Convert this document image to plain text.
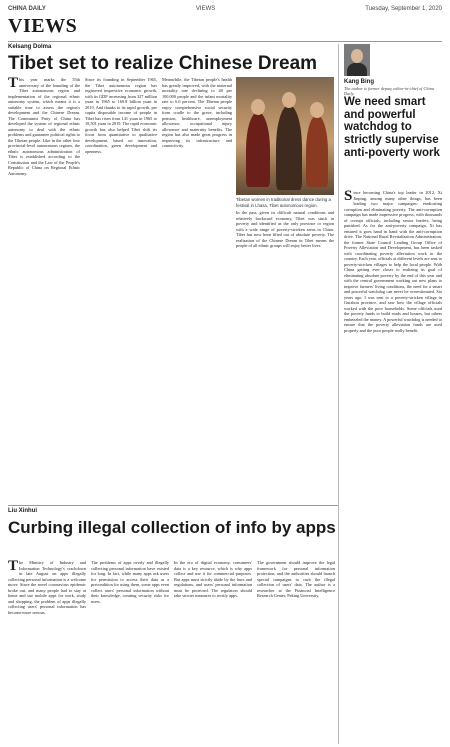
CHINA DAILY	VIEWS	Tuesday, September 1, 2020
VIEWS
Kelsang Dolma
Tibet set to realize Chinese Dream
This year marks the 55th anniversary of the founding of the Tibet autonomous region and implementation of the regional ethnic autonomy system, which means it is a suitable time to assess the region's development and the Chinese Dream. The Communist Party of China has developed the system of regional ethnic autonomy to deal with the ethnic problems and guarantee political rights to the Tibetan people. Like in the other four provincial-level autonomous regions, the ethnic autonomous administration of Tibet is established according to the Constitution and the Law of the People's Republic of China on Regional Ethnic Autonomy.
Since its founding in September 1965, the Tibet autonomous region has registered impressive economic growth, with its GDP increasing from 327 million yuan in 1965 to 169.8 billion yuan in 2019. And thanks to its rapid growth, per capita disposable income of people in Tibet has risen from 141 yuan in 1965 to 19,501 yuan in 2019. The rapid economic growth has also helped Tibet shift its focus from quantitative to qualitative development, based on innovation, coordination, green development and openness.
Meanwhile, the Tibetan people's health has greatly improved, with the maternal mortality rate declining to 48 per 100,000 people and the infant mortality rate to 6.6 percent. The Tibetan people enjoy comprehensive social security from cradle to the grave, including pension, healthcare, unemployment allowance, occupational injury allowance and maternity benefits. The region has also made great progress in improving its infrastructure and connectivity.
Tibetan women in traditional dress dance during a festival in Lhasa, Tibet autonomous region.
In the past, given its difficult natural conditions and relatively backward economy, Tibet was stuck in poverty and identified as the only province or region with a wide range of poverty-stricken areas in China. Tibet has now been lifted out of absolute poverty. The realization of the Chinese Dream in Tibet means the people of all ethnic groups will enjoy better lives.
Liu Xinhui
Curbing illegal collection of info by apps
The Ministry of Industry and Information Technology's crackdown in late August on apps illegally collecting personal information is a welcome move. Since the novel coronavirus epidemic broke out, and many people had to stay at home and use mobile apps for work, study and shopping, the problem of apps illegally collecting users' personal information has become more serious.
The problems of apps overly and illegally collecting personal information have existed for long. In fact, while many apps ask users for permission to access their data as a precondition for using them, some apps even collect users' personal information without their knowledge, creating security risks for users.
In the era of digital economy, consumers' data is a key resource, which is why apps collect and use it for commercial purposes. But apps must strictly abide by the laws and regulations, and users' personal information must be protected. The regulators should take stricter measures to rectify apps.
The government should improve the legal framework for personal information protection, and the authorities should launch special campaigns to curb the illegal collection of users' data. The author is a researcher at the Financial Intelligence Research Center, Peking University.
Kang Bing
The author is former deputy editor-in-chief of China Daily.
We need smart and powerful watchdog to strictly supervise anti-poverty work
Since becoming China's top leader in 2012, Xi Jinping, among many other things, has been leading two major campaigns: eradicating corruption and eliminating poverty. The anti-corruption campaign has made impressive progress, with thousands of corrupt officials, including senior leaders, being punished. As for the anti-poverty campaign, Xi has ensured it goes hand in hand with the anti-corruption drive. The National Rural Revitalization Administration, the former State Council Leading Group Office of Poverty Alleviation and Development, has been tasked with coordinating poverty alleviation work in the country. Each year, officials at different levels are sent to poverty-stricken villages to help the local people. With China getting ever closer to realizing its goal of eliminating absolute poverty by the end of this year and with the central government working out new plans to improve farmers' living conditions, the need for a smart and powerful watchdog can never be overestimated. Six years ago, I was sent to a poverty-stricken village in Guizhou province, and saw how the village officials worked with the poor households. Some officials used the poverty funds to build roads and houses, but others embezzled the money. A powerful watchdog is needed to ensure that the poverty alleviation funds are used properly and the poor people really benefit.
